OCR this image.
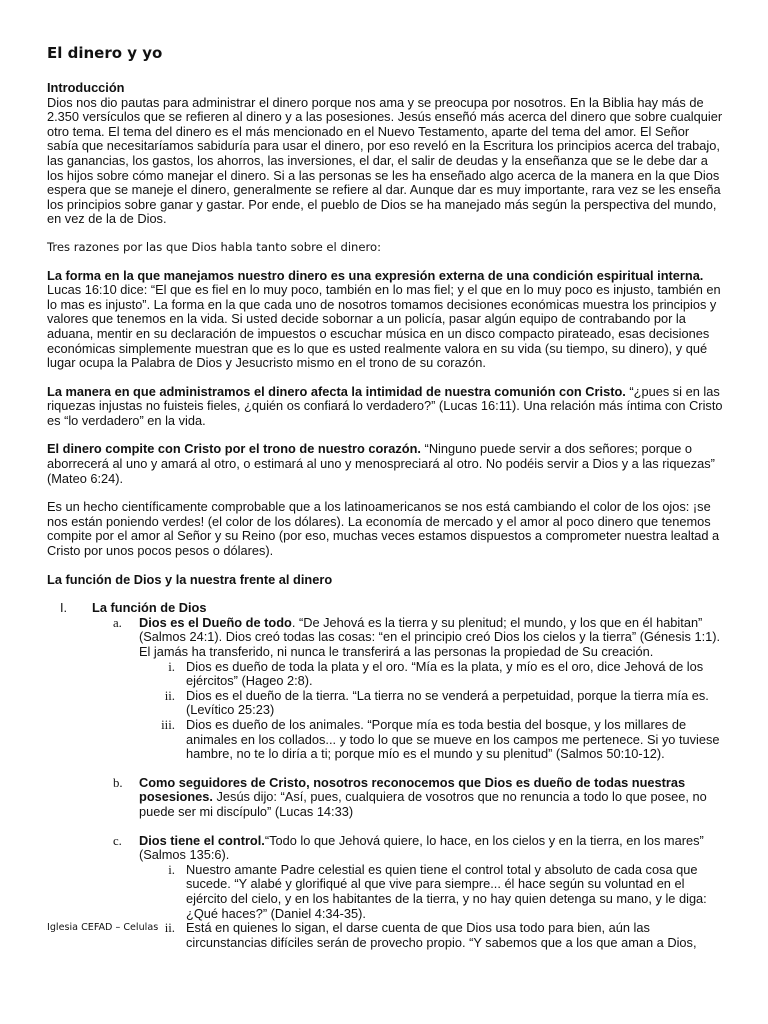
El dinero y yo

Introducción

Dios nos dio pautas para administrar el dinero porque nos ama y se preocupa por nosotros. En la Biblia hay más de 2.350 versículos que se refieren al dinero y a las posesiones. Jesús enseñó más acerca del dinero que sobre cualquier otro tema. El tema del dinero es el más mencionado en el Nuevo Testamento, aparte del tema del amor. El Señor sabía que necesitaríamos sabiduría para usar el dinero, por eso reveló en la Escritura los principios acerca del trabajo, las ganancias, los gastos, los ahorros, las inversiones, el dar, el salir de deudas y la enseñanza que se le debe dar a los hijos sobre cómo manejar el dinero. Si a las personas se les ha enseñado algo acerca de la manera en la que Dios espera que se maneje el dinero, generalmente se refiere al dar. Aunque dar es muy importante, rara vez se les enseña los principios sobre ganar y gastar. Por ende, el pueblo de Dios se ha manejado más según la perspectiva del mundo, en vez de la de Dios.

Tres razones por las que Dios habla tanto sobre el dinero:

La forma en la que manejamos nuestro dinero es una expresión externa de una condición espiritual interna.
Lucas 16:10 dice: “El que es fiel en lo muy poco, también en lo mas fiel; y el que en lo muy poco es injusto, también en lo mas es injusto”. La forma en la que cada uno de nosotros tomamos decisiones económicas muestra los principios y valores que tenemos en la vida. Si usted decide sobornar a un policía, pasar algún equipo de contrabando por la aduana, mentir en su declaración de impuestos o escuchar música en un disco compacto pirateado, esas decisiones económicas simplemente muestran que es lo que es usted realmente valora en su vida (su tiempo, su dinero), y qué lugar ocupa la Palabra de Dios y Jesucristo mismo en el trono de su corazón.

La manera en que administramos el dinero afecta la intimidad de nuestra comunión con Cristo. “¿pues si en las riquezas injustas no fuisteis fieles, ¿quién os confiará lo verdadero?” (Lucas 16:11). Una relación más íntima con Cristo es “lo verdadero” en la vida.

El dinero compite con Cristo por el trono de nuestro corazón. “Ninguno puede servir a dos señores; porque o aborrecerá al uno y amará al otro, o estimará al uno y menospreciará al otro. No podéis servir a Dios y a las riquezas” (Mateo 6:24).

Es un hecho científicamente comprobable que a los latinoamericanos se nos está cambiando el color de los ojos: ¡se nos están poniendo verdes! (el color de los dólares). La economía de mercado y el amor al poco dinero que tenemos compite por el amor al Señor y su Reino (por eso, muchas veces estamos dispuestos a comprometer nuestra lealtad a Cristo por unos pocos pesos o dólares).

La función de Dios y la nuestra frente al dinero

I. La función de Dios
a. Dios es el Dueño de todo. “De Jehová es la tierra y su plenitud; el mundo, y los que en él habitan” (Salmos 24:1). Dios creó todas las cosas: “en el principio creó Dios los cielos y la tierra” (Génesis 1:1). El jamás ha transferido, ni nunca le transferirá a las personas la propiedad de Su creación.
i. Dios es dueño de toda la plata y el oro. “Mía es la plata, y mío es el oro, dice Jehová de los ejércitos” (Hageo 2:8).
ii. Dios es el dueño de la tierra. “La tierra no se venderá a perpetuidad, porque la tierra mía es. (Levítico 25:23)
iii. Dios es dueño de los animales. “Porque mía es toda bestia del bosque, y los millares de animales en los collados... y todo lo que se mueve en los campos me pertenece. Si yo tuviese hambre, no te lo diría a ti; porque mío es el mundo y su plenitud” (Salmos 50:10-12).
b. Como seguidores de Cristo, nosotros reconocemos que Dios es dueño de todas nuestras posesiones. Jesús dijo: “Así, pues, cualquiera de vosotros que no renuncia a todo lo que posee, no puede ser mi discípulo” (Lucas 14:33)
c. Dios tiene el control.“Todo lo que Jehová quiere, lo hace, en los cielos y en la tierra, en los mares” (Salmos 135:6).
i. Nuestro amante Padre celestial es quien tiene el control total y absoluto de cada cosa que sucede. “Y alabé y glorifiqué al que vive para siempre... él hace según su voluntad en el ejército del cielo, y en los habitantes de la tierra, y no hay quien detenga su mano, y le diga: ¿Qué haces?” (Daniel 4:34-35).
ii. Está en quienes lo sigan, el darse cuenta de que Dios usa todo para bien, aún las circunstancias difíciles serán de provecho propio. “Y sabemos que a los que aman a Dios,
Iglesia CEFAD – Celulas
